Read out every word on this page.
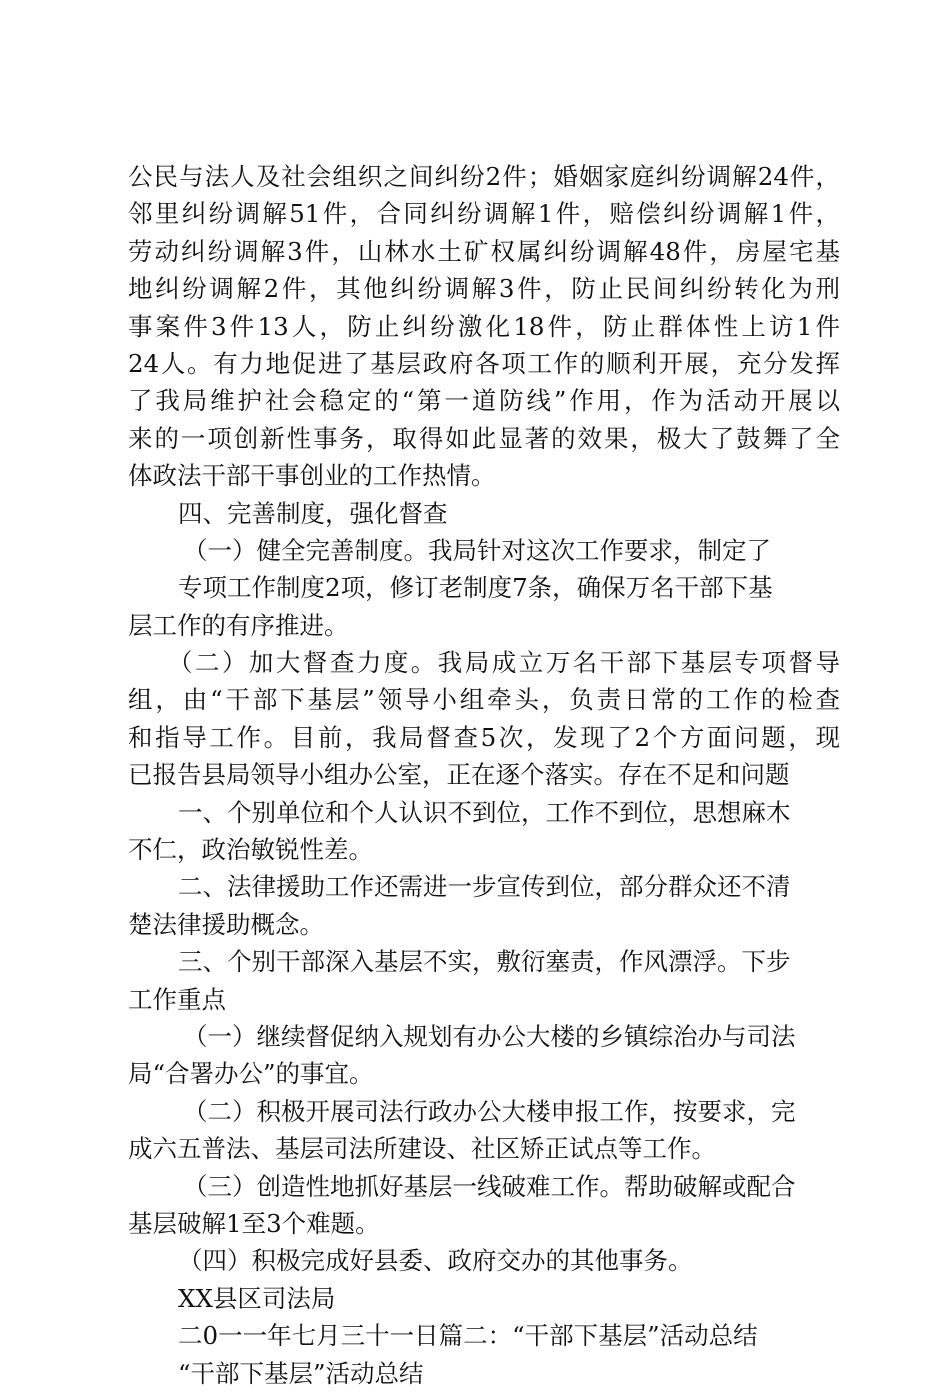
公民与法人及社会组织之间纠纷2件；婚姻家庭纠纷调解24件，
邻里纠纷调解51件，合同纠纷调解1件，赔偿纠纷调解1件，
劳动纠纷调解3件，山林水土矿权属纠纷调解48件，房屋宅基
地纠纷调解2件，其他纠纷调解3件，防止民间纠纷转化为刑
事案件3件13人，防止纠纷激化18件，防止群体性上访1件
24人。有力地促进了基层政府各项工作的顺利开展，充分发挥
了我局维护社会稳定的“第一道防线”作用，作为活动开展以
来的一项创新性事务，取得如此显著的效果，极大了鼓舞了全
体政法干部干事创业的工作热情。
四、完善制度，强化督查
（一）健全完善制度。我局针对这次工作要求，制定了
专项工作制度2项，修订老制度7条，确保万名干部下基
层工作的有序推进。
（二）加大督查力度。我局成立万名干部下基层专项督导
组，由“干部下基层”领导小组牵头，负责日常的工作的检查
和指导工作。目前，我局督查5次，发现了2个方面问题，现
已报告县局领导小组办公室，正在逐个落实。存在不足和问题
一、个别单位和个人认识不到位，工作不到位，思想麻木
不仁，政治敏锐性差。
二、法律援助工作还需进一步宣传到位，部分群众还不清
楚法律援助概念。
三、个别干部深入基层不实，敷衍塞责，作风漂浮。下步
工作重点
（一）继续督促纳入规划有办公大楼的乡镇综治办与司法
局“合署办公”的事宜。
（二）积极开展司法行政办公大楼申报工作，按要求，完
成六五普法、基层司法所建设、社区矫正试点等工作。
（三）创造性地抓好基层一线破难工作。帮助破解或配合
基层破解1至3个难题。
（四）积极完成好县委、政府交办的其他事务。
XX县区司法局
二0一一年七月三十一日篇二：“干部下基层”活动总结
“干部下基层”活动总结
